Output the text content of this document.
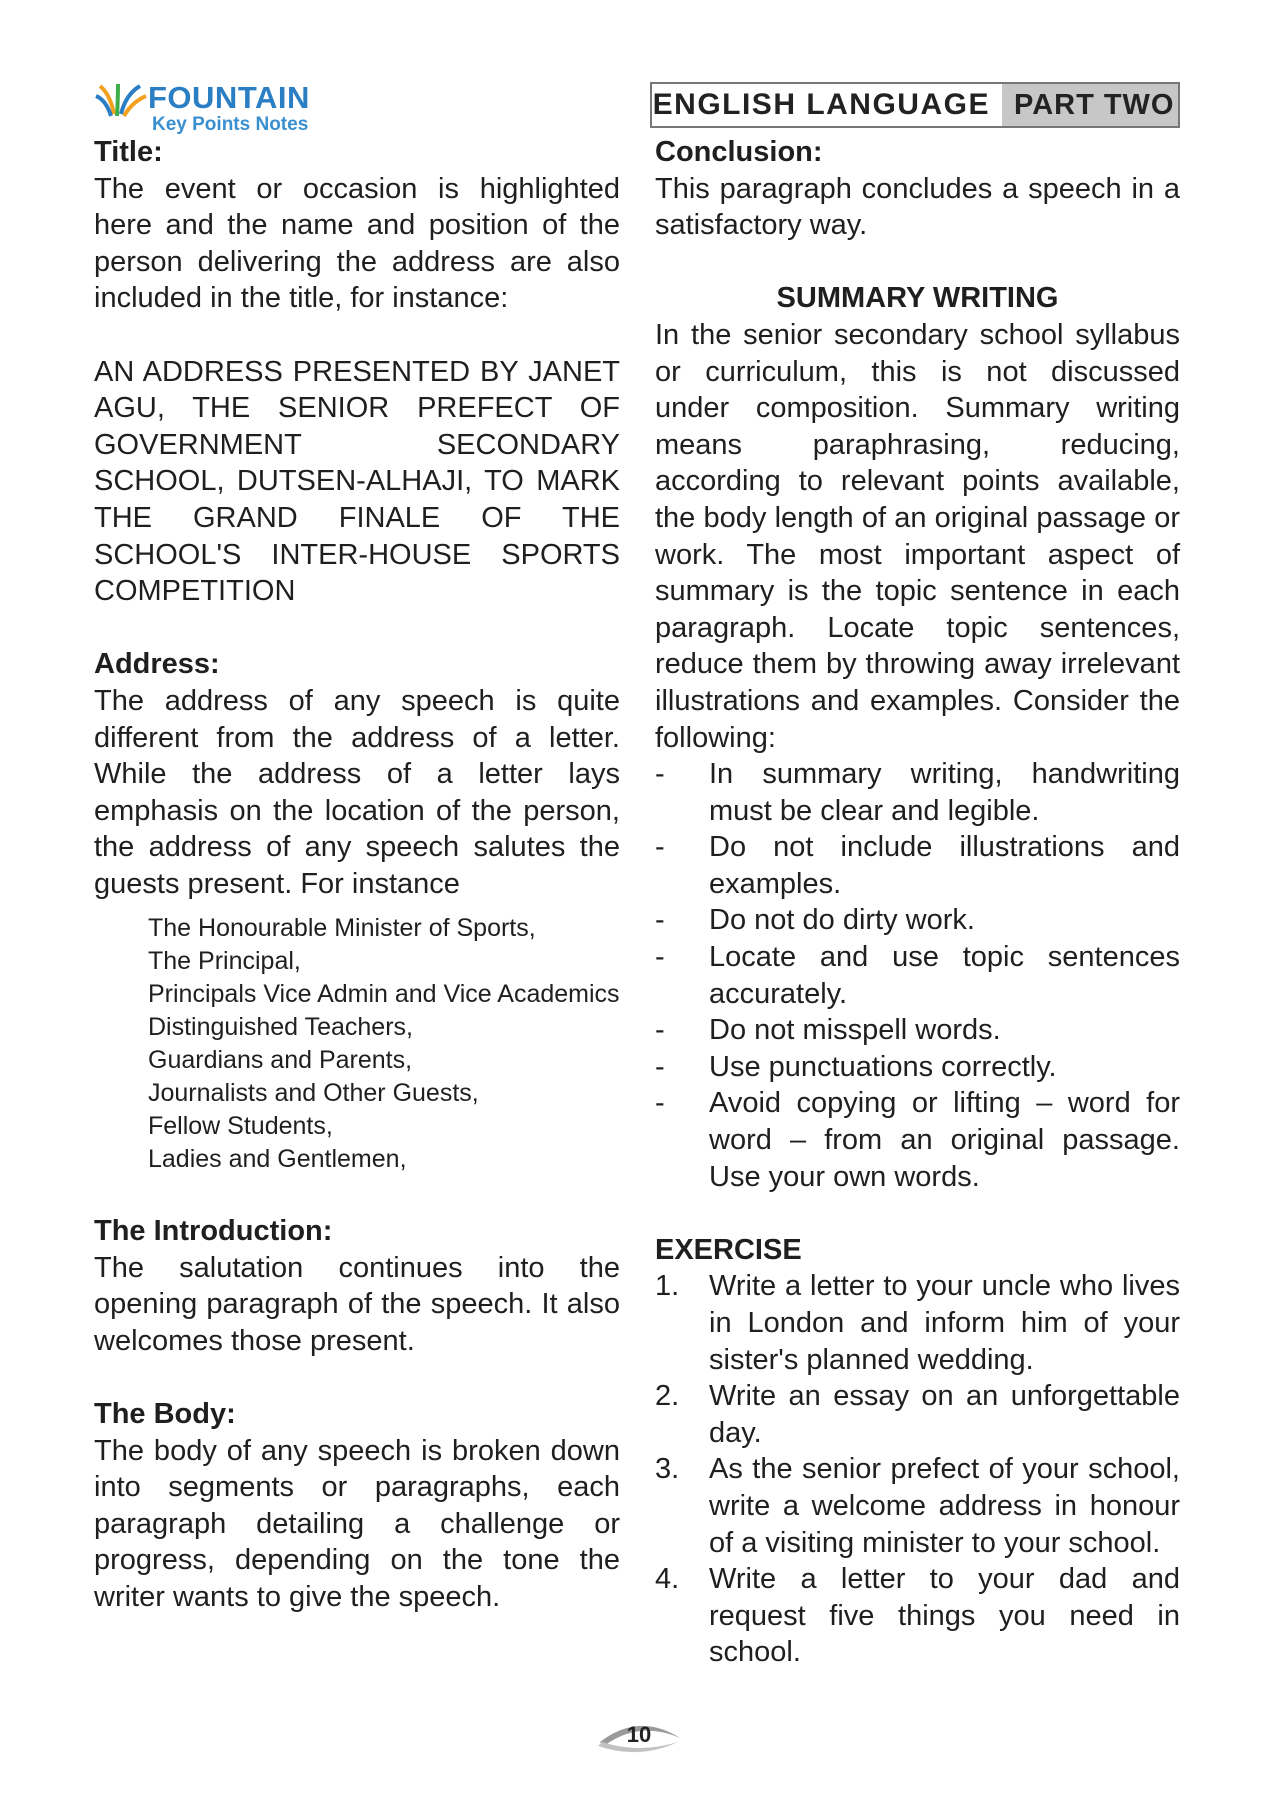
FOUNTAIN
Key Points Notes
ENGLISH LANGUAGE PART TWO
Title:

The event or occasion is highlighted here and the name and position of the person delivering the address are also included in the title, for instance:

AN ADDRESS PRESENTED BY JANET AGU, THE SENIOR PREFECT OF GOVERNMENT SECONDARY SCHOOL, DUTSEN-ALHAJI, TO MARK THE GRAND FINALE OF THE SCHOOL'S INTER-HOUSE SPORTS COMPETITION

Address:

The address of any speech is quite different from the address of a letter. While the address of a letter lays emphasis on the location of the person, the address of any speech salutes the guests present. For instance

The Honourable Minister of Sports,
The Principal,
Principals Vice Admin and Vice Academics
Distinguished Teachers,
Guardians and Parents,
Journalists and Other Guests,
Fellow Students,
Ladies and Gentlemen,
The Introduction:

The salutation continues into the opening paragraph of the speech. It also welcomes those present.

The Body:

The body of any speech is broken down into segments or paragraphs, each paragraph detailing a challenge or progress, depending on the tone the writer wants to give the speech.

Conclusion:

This paragraph concludes a speech in a satisfactory way.

SUMMARY WRITING

In the senior secondary school syllabus or curriculum, this is not discussed under composition. Summary writing means paraphrasing, reducing, according to relevant points available, the body length of an original passage or work. The most important aspect of summary is the topic sentence in each paragraph. Locate topic sentences, reduce them by throwing away irrelevant illustrations and examples. Consider the following:

- In summary writing, handwriting must be clear and legible.
- Do not include illustrations and examples.
- Do not do dirty work.
- Locate and use topic sentences accurately.
- Do not misspell words.
- Use punctuations correctly.
- Avoid copying or lifting – word for word – from an original passage. Use your own words.
EXERCISE
1. Write a letter to your uncle who lives in London and inform him of your sister's planned wedding.
2. Write an essay on an unforgettable day.
3. As the senior prefect of your school, write a welcome address in honour of a visiting minister to your school.
4. Write a letter to your dad and request five things you need in school.
10
